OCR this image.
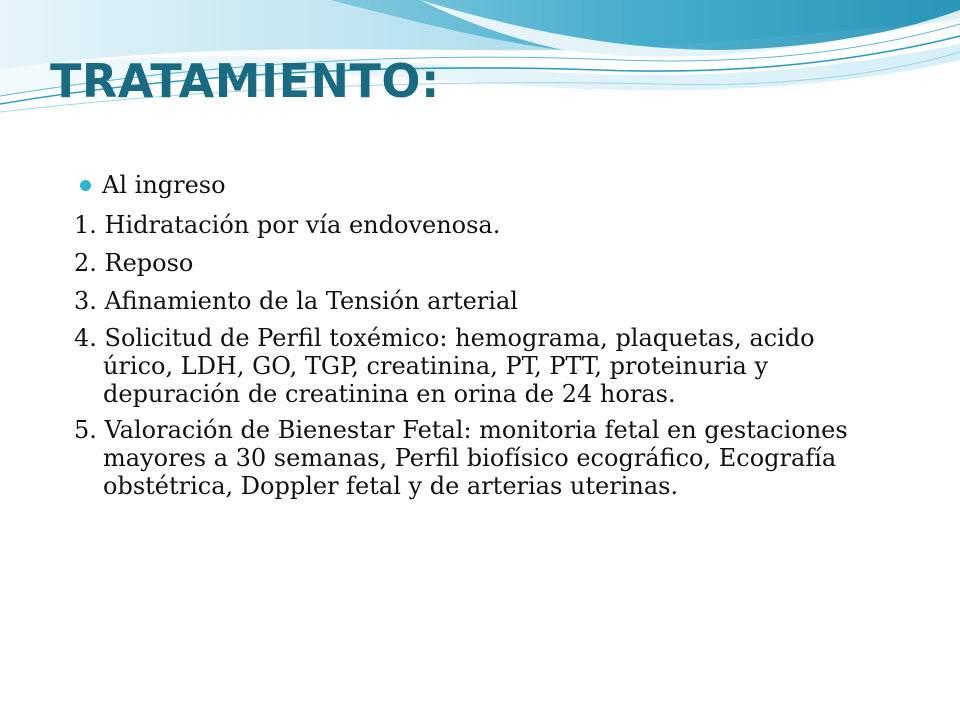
TRATAMIENTO:
Al ingreso
1. Hidratación por vía endovenosa.
2. Reposo
3. Afinamiento de la Tensión arterial
4. Solicitud de Perfil toxémico: hemograma, plaquetas, acido úrico, LDH, GO, TGP, creatinina, PT, PTT, proteinuria y depuración de creatinina en orina de 24 horas.
5. Valoración de Bienestar Fetal: monitoria fetal en gestaciones mayores a 30 semanas, Perfil biofísico ecográfico, Ecografía obstétrica, Doppler fetal y de arterias uterinas.
